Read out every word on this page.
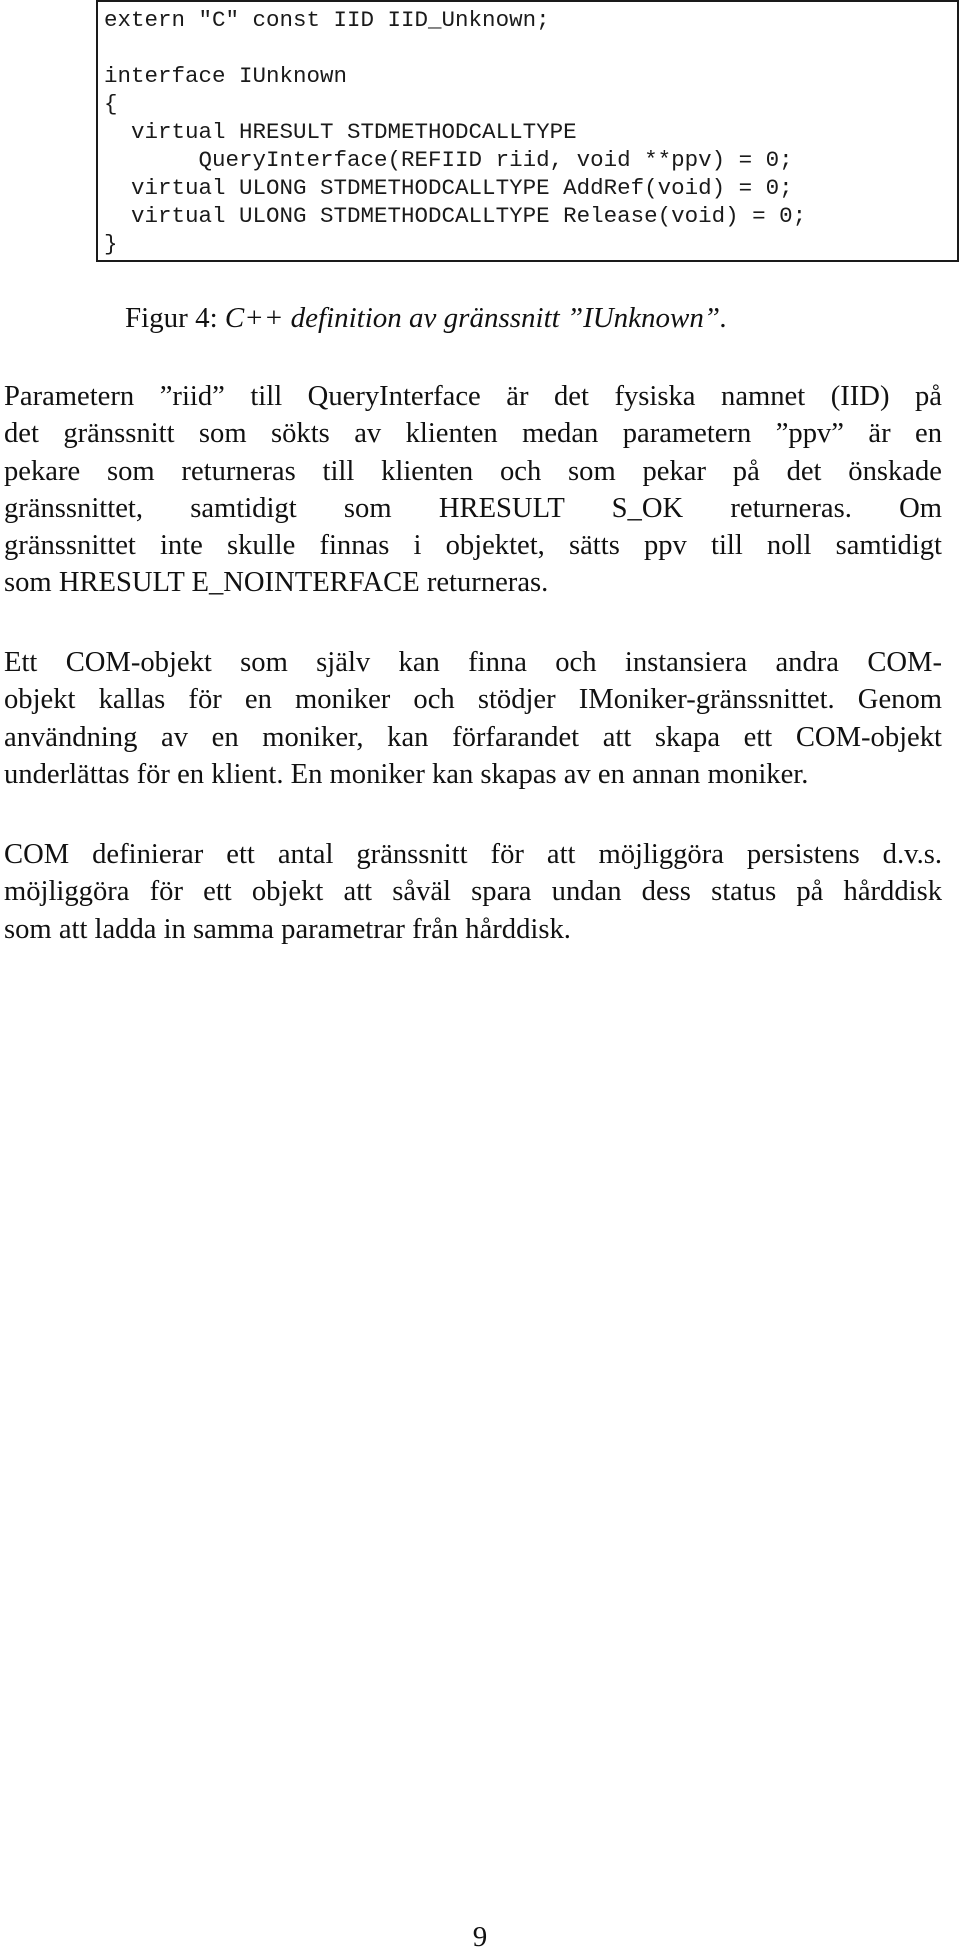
extern "C" const IID IID_Unknown;
interface IUnknown
{
virtual HRESULT STDMETHODCALLTYPE
QueryInterface(REFIID riid, void **ppv) = 0;
virtual ULONG STDMETHODCALLTYPE AddRef(void) = 0;
virtual ULONG STDMETHODCALLTYPE Release(void) = 0;
}
Figur 4: C++ definition av gränssnitt ”IUnknown”.
Parametern ”riid” till QueryInterface är det fysiska namnet (IID) på
det gränssnitt som sökts av klienten medan parametern ”ppv” är en
pekare som returneras till klienten och som pekar på det önskade
gränssnittet, samtidigt som HRESULT S_OK returneras. Om
gränssnittet inte skulle finnas i objektet, sätts ppv till noll samtidigt
som HRESULT E_NOINTERFACE returneras.
Ett COM-objekt som själv kan finna och instansiera andra COM-
objekt kallas för en moniker och stödjer IMoniker-gränssnittet. Genom
användning av en moniker, kan förfarandet att skapa ett COM-objekt
underlättas för en klient. En moniker kan skapas av en annan moniker.
COM definierar ett antal gränssnitt för att möjliggöra persistens d.v.s.
möjliggöra för ett objekt att såväl spara undan dess status på hårddisk
som att ladda in samma parametrar från hårddisk.
9
